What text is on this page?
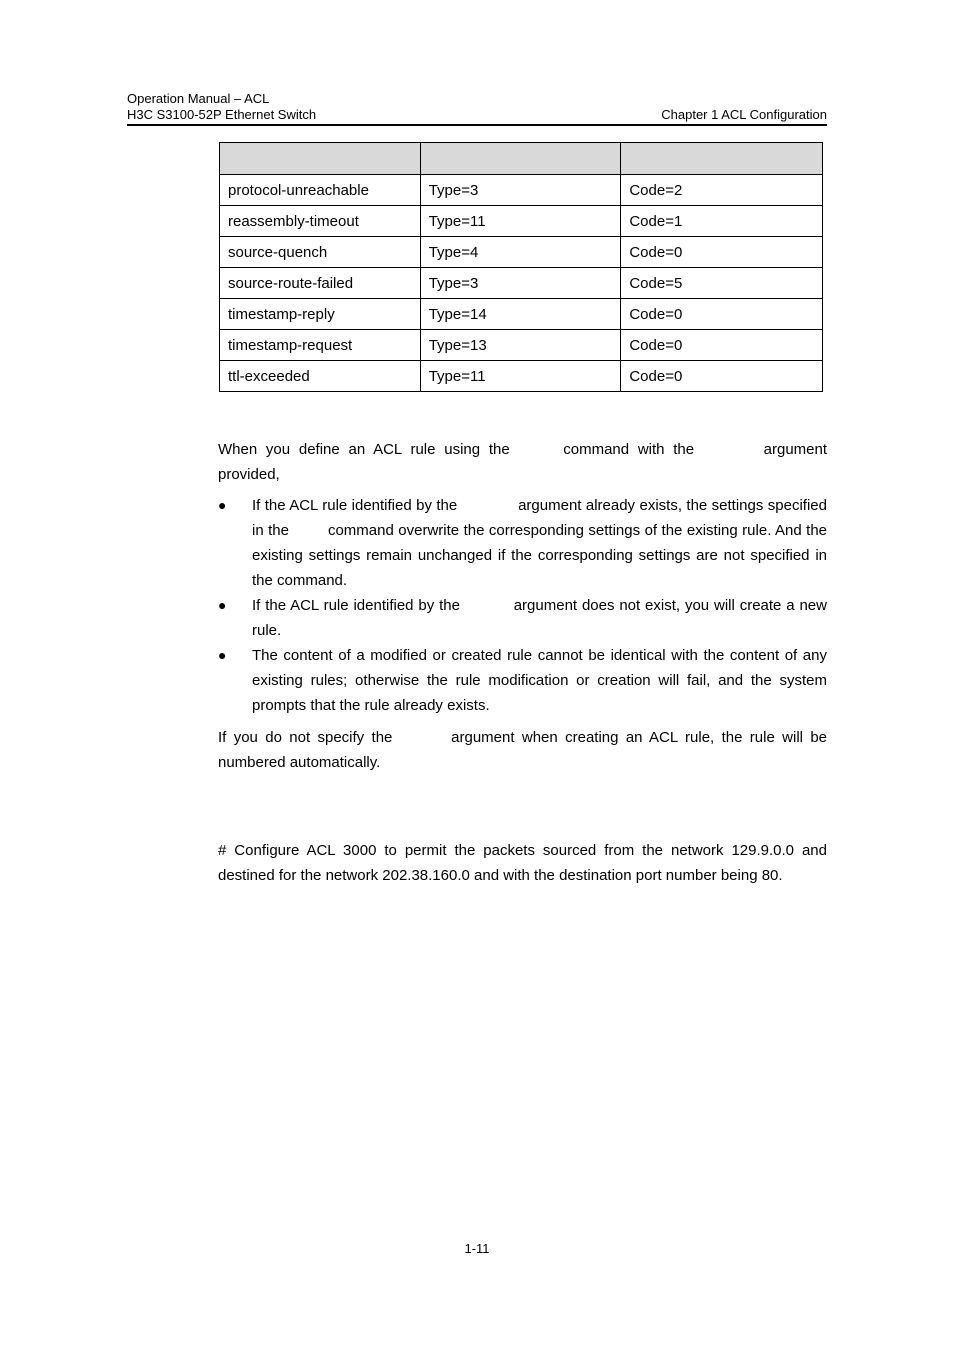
Operation Manual – ACL
H3C S3100-52P Ethernet Switch	Chapter 1 ACL Configuration

protocol-unreachable	Type=3	Code=2
reassembly-timeout	Type=11	Code=1
source-quench	Type=4	Code=0
source-route-failed	Type=3	Code=5
timestamp-reply	Type=14	Code=0
timestamp-request	Type=13	Code=0
ttl-exceeded	Type=11	Code=0

When you define an ACL rule using the	command with the	argument provided,

● If the ACL rule identified by the	argument already exists, the settings specified in the	command overwrite the corresponding settings of the existing rule. And the existing settings remain unchanged if the corresponding settings are not specified in the command.
● If the ACL rule identified by the	argument does not exist, you will create a new rule.
● The content of a modified or created rule cannot be identical with the content of any existing rules; otherwise the rule modification or creation will fail, and the system prompts that the rule already exists.

If you do not specify the	argument when creating an ACL rule, the rule will be numbered automatically.

# Configure ACL 3000 to permit the packets sourced from the network 129.9.0.0 and destined for the network 202.38.160.0 and with the destination port number being 80.

1-11
